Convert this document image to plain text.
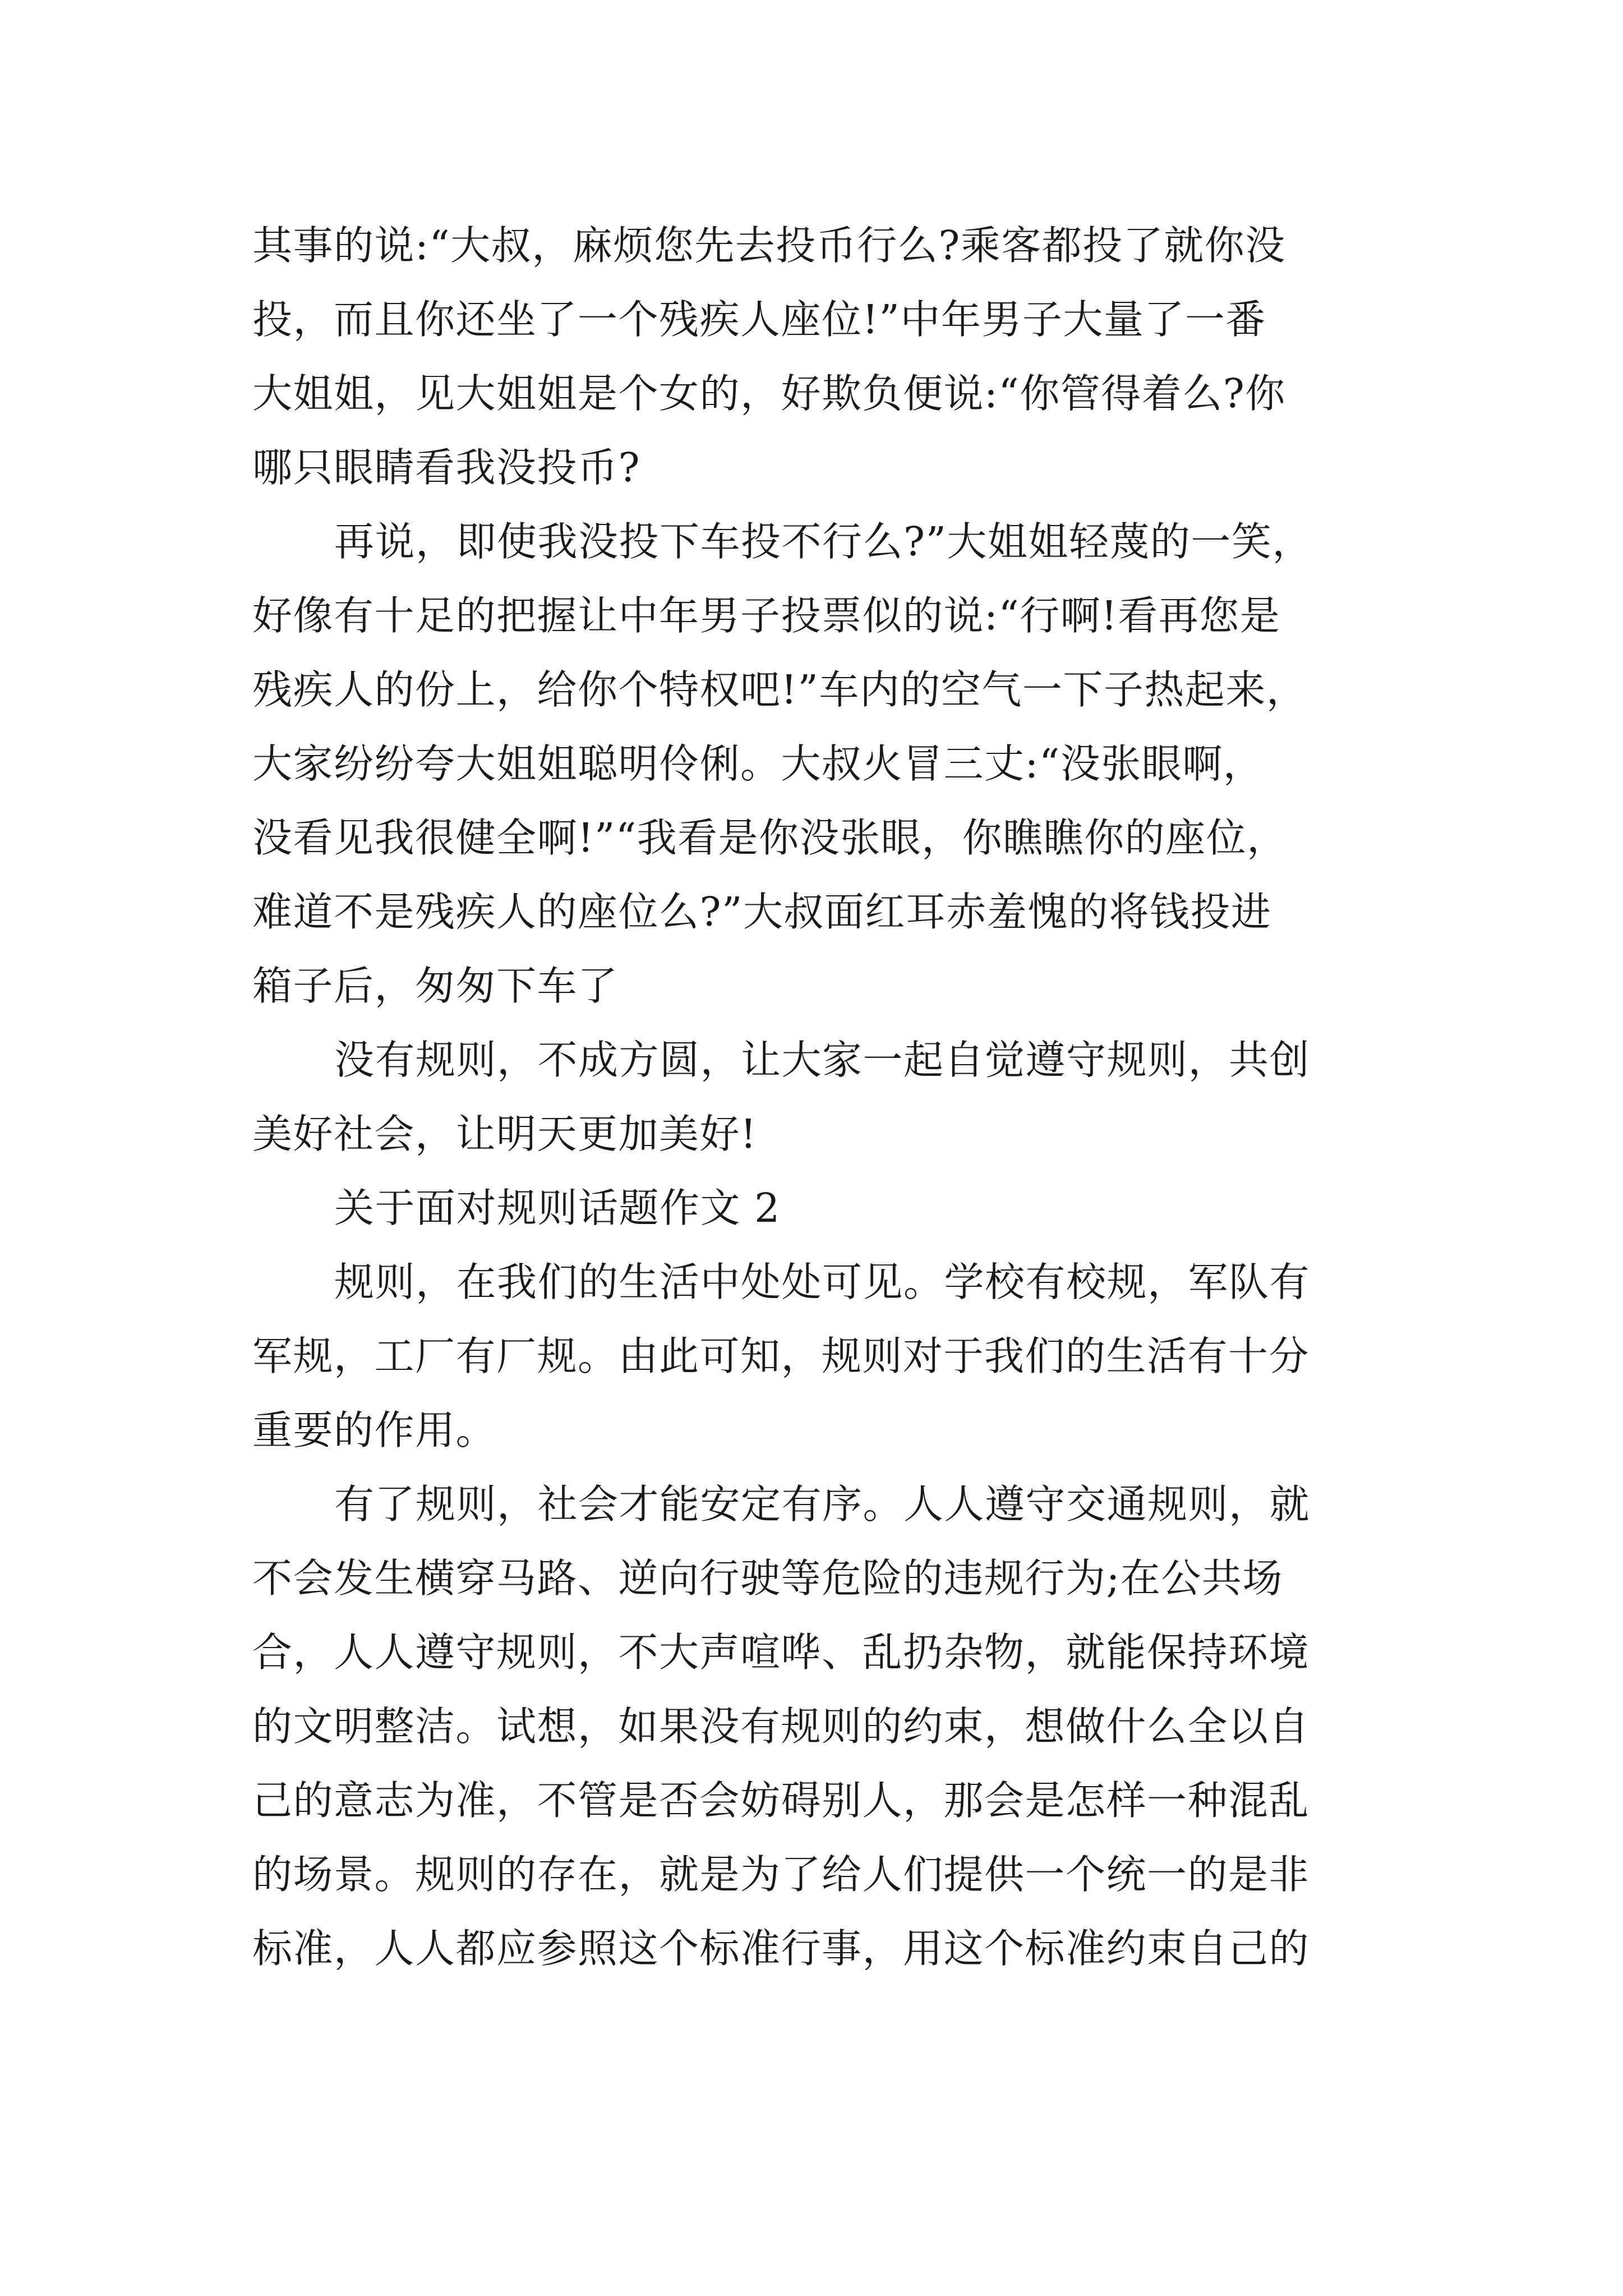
其事的说:“大叔，麻烦您先去投币行么?乘客都投了就你没
投，而且你还坐了一个残疾人座位!”中年男子大量了一番
大姐姐，见大姐姐是个女的，好欺负便说:“你管得着么?你
哪只眼睛看我没投币?
再说，即使我没投下车投不行么?”大姐姐轻蔑的一笑，
好像有十足的把握让中年男子投票似的说:“行啊!看再您是
残疾人的份上，给你个特权吧!”车内的空气一下子热起来，
大家纷纷夸大姐姐聪明伶俐。大叔火冒三丈:“没张眼啊，
没看见我很健全啊!”“我看是你没张眼，你瞧瞧你的座位，
难道不是残疾人的座位么?”大叔面红耳赤羞愧的将钱投进
箱子后，匆匆下车了
没有规则，不成方圆，让大家一起自觉遵守规则，共创
美好社会，让明天更加美好!
关于面对规则话题作文 2
规则，在我们的生活中处处可见。学校有校规，军队有
军规，工厂有厂规。由此可知，规则对于我们的生活有十分
重要的作用。
有了规则，社会才能安定有序。人人遵守交通规则，就
不会发生横穿马路、逆向行驶等危险的违规行为;在公共场
合，人人遵守规则，不大声喧哗、乱扔杂物，就能保持环境
的文明整洁。试想，如果没有规则的约束，想做什么全以自
己的意志为准，不管是否会妨碍别人，那会是怎样一种混乱
的场景。规则的存在，就是为了给人们提供一个统一的是非
标准，人人都应参照这个标准行事，用这个标准约束自己的
